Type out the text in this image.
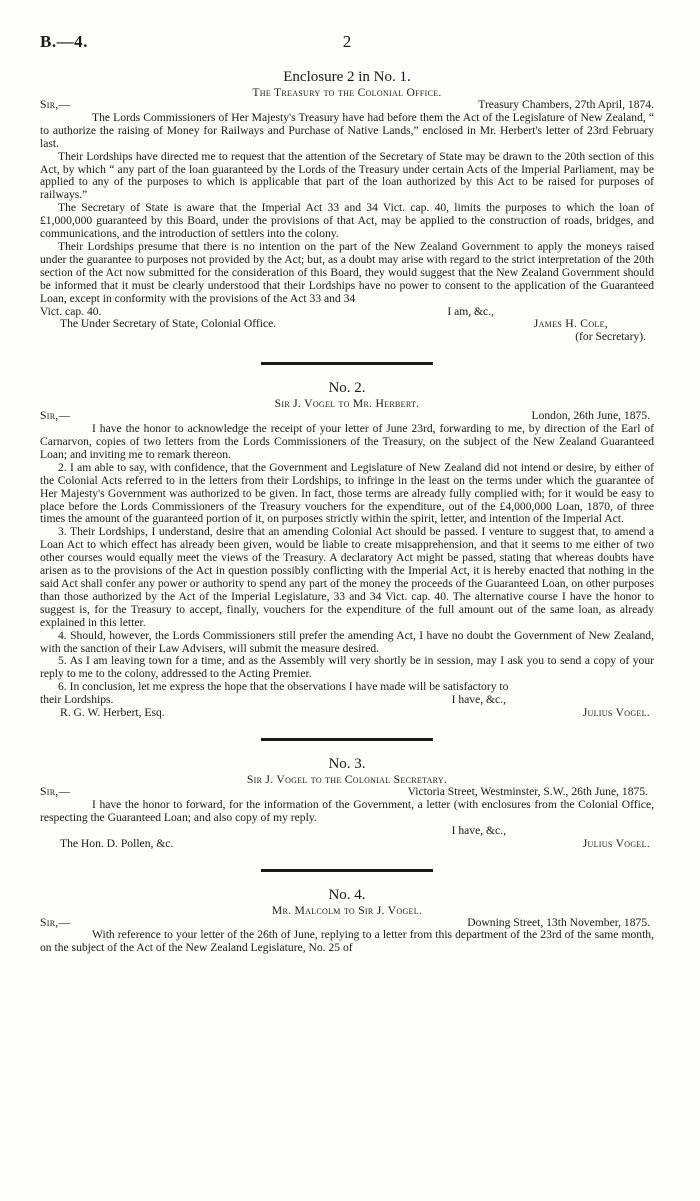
B.—4.	2
Enclosure 2 in No. 1.
The Treasury to the Colonial Office.
Sir,—	Treasury Chambers, 27th April, 1874.

The Lords Commissioners of Her Majesty's Treasury have had before them the Act of the Legislature of New Zealand, “ to authorize the raising of Money for Railways and Purchase of Native Lands,” enclosed in Mr. Herbert's letter of 23rd February last.

Their Lordships have directed me to request that the attention of the Secretary of State may be drawn to the 20th section of this Act, by which “ any part of the loan guaranteed by the Lords of the Treasury under certain Acts of the Imperial Parliament, may be applied to any of the purposes to which is applicable that part of the loan authorized by this Act to be raised for purposes of railways.”

The Secretary of State is aware that the Imperial Act 33 and 34 Vict. cap. 40, limits the purposes to which the loan of £1,000,000 guaranteed by this Board, under the provisions of that Act, may be applied to the construction of roads, bridges, and communications, and the introduction of settlers into the colony.

Their Lordships presume that there is no intention on the part of the New Zealand Government to apply the moneys raised under the guarantee to purposes not provided by the Act; but, as a doubt may arise with regard to the strict interpretation of the 20th section of the Act now submitted for the consideration of this Board, they would suggest that the New Zealand Government should be informed that it must be clearly understood that their Lordships have no power to consent to the application of the Guaranteed Loan, except in conformity with the provisions of the Act 33 and 34

Vict. cap. 40.	I am, &c.,
The Under Secretary of State, Colonial Office.	James H. Cole,
(for Secretary).
No. 2.
Sir J. Vogel to Mr. Herbert.
Sir,—	London, 26th June, 1875.

I have the honor to acknowledge the receipt of your letter of June 23rd, forwarding to me, by direction of the Earl of Carnarvon, copies of two letters from the Lords Commissioners of the Treasury, on the subject of the New Zealand Guaranteed Loan; and inviting me to remark thereon.

2. I am able to say, with confidence, that the Government and Legislature of New Zealand did not intend or desire, by either of the Colonial Acts referred to in the letters from their Lordships, to infringe in the least on the terms under which the guarantee of Her Majesty's Government was authorized to be given. In fact, those terms are already fully complied with; for it would be easy to place before the Lords Commissioners of the Treasury vouchers for the expenditure, out of the £4,000,000 Loan, 1870, of three times the amount of the guaranteed portion of it, on purposes strictly within the spirit, letter, and intention of the Imperial Act.

3. Their Lordships, I understand, desire that an amending Colonial Act should be passed. I venture to suggest that, to amend a Loan Act to which effect has already been given, would be liable to create misapprehension, and that it seems to me either of two other courses would equally meet the views of the Treasury. A declaratory Act might be passed, stating that whereas doubts have arisen as to the provisions of the Act in question possibly conflicting with the Imperial Act, it is hereby enacted that nothing in the said Act shall confer any power or authority to spend any part of the money the proceeds of the Guaranteed Loan, on other purposes than those authorized by the Act of the Imperial Legislature, 33 and 34 Vict. cap. 40. The alternative course I have the honor to suggest is, for the Treasury to accept, finally, vouchers for the expenditure of the full amount out of the same loan, as already explained in this letter.

4. Should, however, the Lords Commissioners still prefer the amending Act, I have no doubt the Government of New Zealand, with the sanction of their Law Advisers, will submit the measure desired.

5. As I am leaving town for a time, and as the Assembly will very shortly be in session, may I ask you to send a copy of your reply to me to the colony, addressed to the Acting Premier.

6. In conclusion, let me express the hope that the observations I have made will be satisfactory to

their Lordships.	I have, &c.,
R. G. W. Herbert, Esq.	Julius Vogel.
No. 3.
Sir J. Vogel to the Colonial Secretary.
Sir,—	Victoria Street, Westminster, S.W., 26th June, 1875.

I have the honor to forward, for the information of the Government, a letter (with enclosures from the Colonial Office, respecting the Guaranteed Loan; and also copy of my reply.

I have, &c.,
The Hon. D. Pollen, &c.	Julius Vogel.
No. 4.
Mr. Malcolm to Sir J. Vogel.
Sir,—	Downing Street, 13th November, 1875.

With reference to your letter of the 26th of June, replying to a letter from this department of the 23rd of the same month, on the subject of the Act of the New Zealand Legislature, No. 25 of
